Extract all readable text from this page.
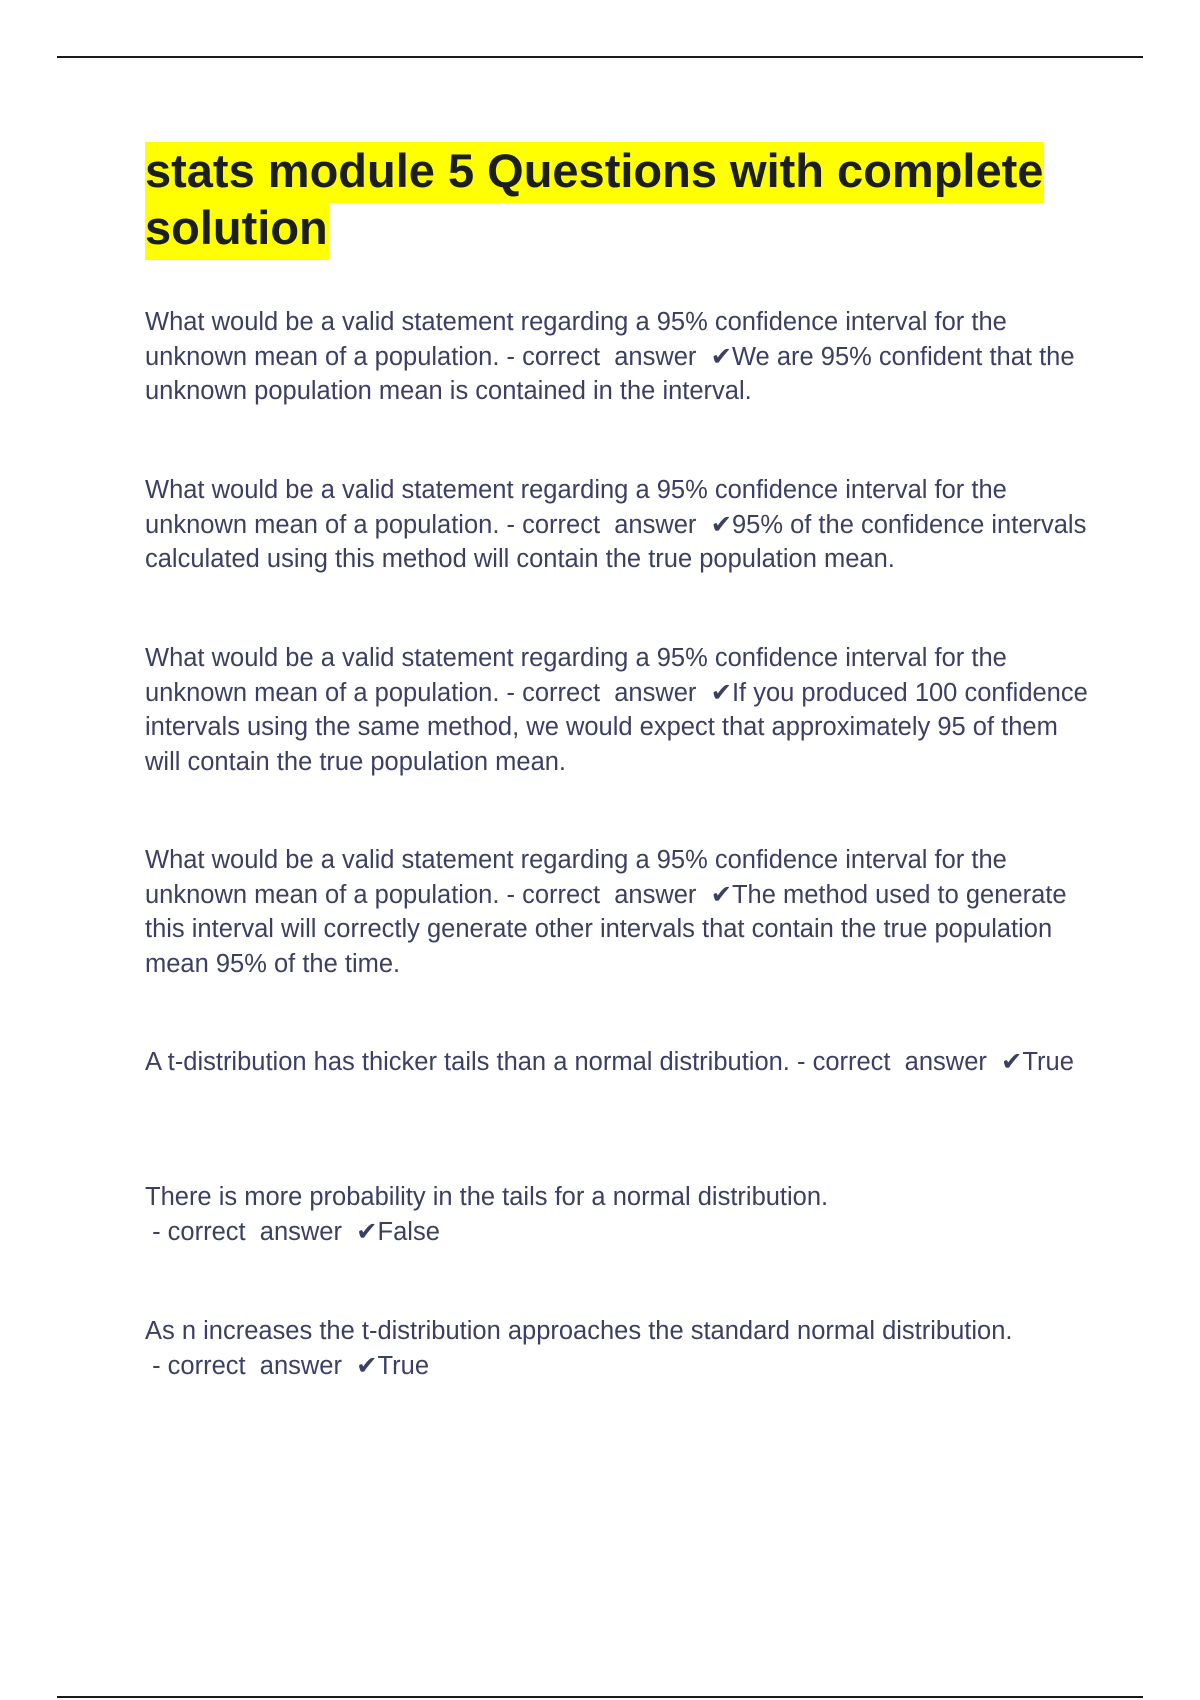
stats module 5 Questions with complete solution

What would be a valid statement regarding a 95% confidence interval for the unknown mean of a population. - correct  answer  ✔We are 95% confident that the unknown population mean is contained in the interval.

What would be a valid statement regarding a 95% confidence interval for the unknown mean of a population. - correct  answer  ✔95% of the confidence intervals calculated using this method will contain the true population mean.

What would be a valid statement regarding a 95% confidence interval for the unknown mean of a population. - correct  answer  ✔If you produced 100 confidence intervals using the same method, we would expect that approximately 95 of them will contain the true population mean.

What would be a valid statement regarding a 95% confidence interval for the unknown mean of a population. - correct  answer  ✔The method used to generate this interval will correctly generate other intervals that contain the true population mean 95% of the time.

A t-distribution has thicker tails than a normal distribution. - correct  answer  ✔True

There is more probability in the tails for a normal distribution. - correct  answer  ✔False

As n increases the t-distribution approaches the standard normal distribution. - correct  answer  ✔True
